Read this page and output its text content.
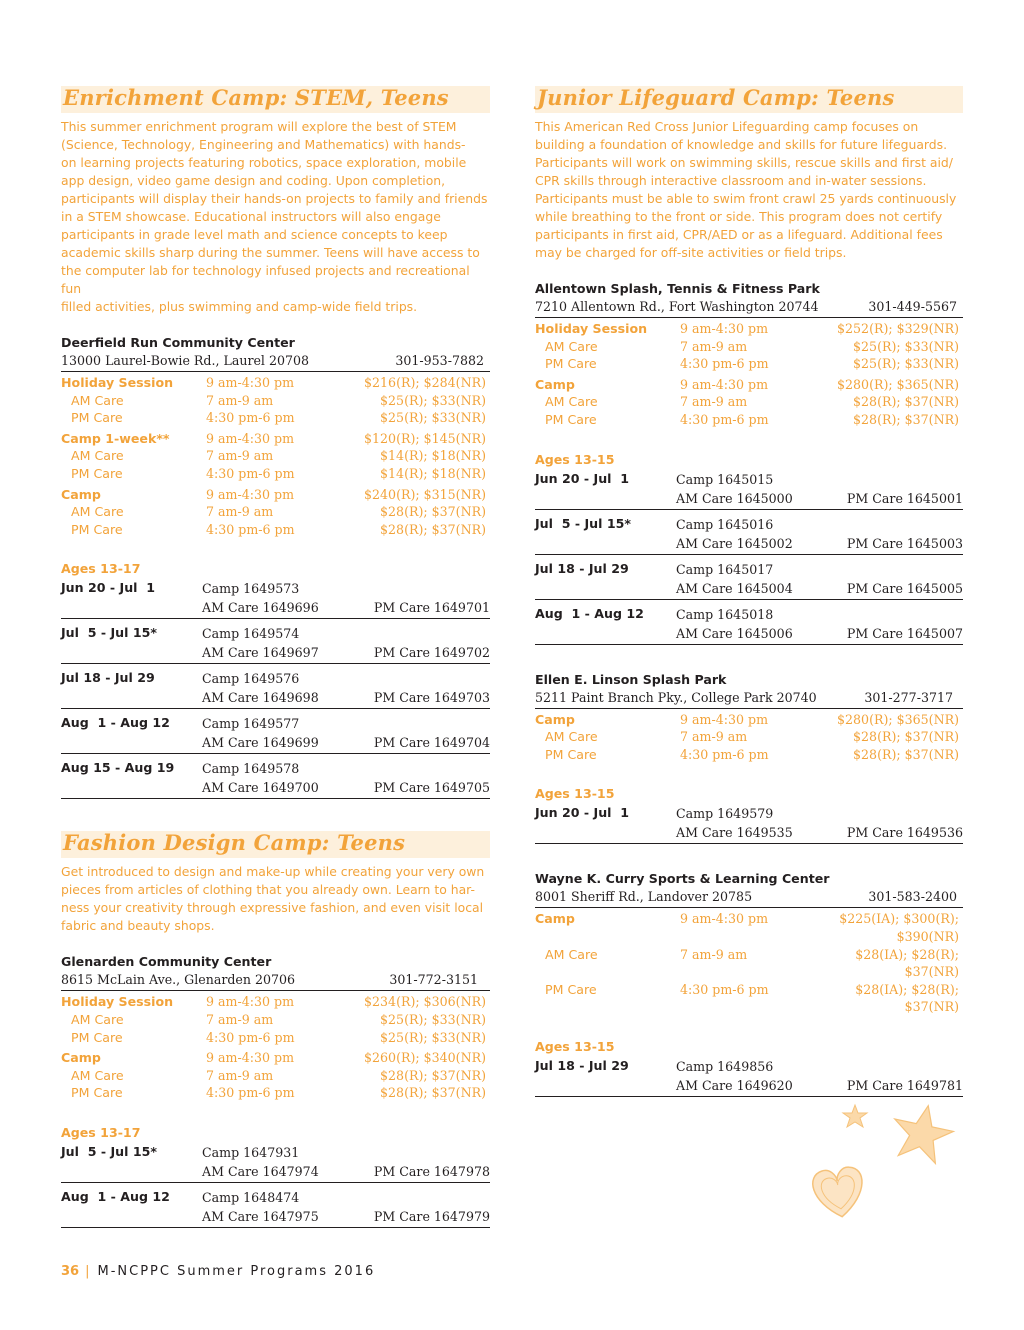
Enrichment Camp: STEM, Teens
This summer enrichment program will explore the best of STEM
(Science, Technology, Engineering and Mathematics) with hands-
on learning projects featuring robotics, space exploration, mobile
app design, video game design and coding. Upon completion,
participants will display their hands-on projects to family and friends
in a STEM showcase. Educational instructors will also engage
participants in grade level math and science concepts to keep
academic skills sharp during the summer. Teens will have access to
the computer lab for technology infused projects and recreational fun
filled activities, plus swimming and camp-wide field trips.
Deerfield Run Community Center
13000 Laurel-Bowie Rd., Laurel 20708	301-953-7882
Holiday Session	9 am-4:30 pm	$216(R); $284(NR)
AM Care	7 am-9 am	$25(R); $33(NR)
PM Care	4:30 pm-6 pm	$25(R); $33(NR)
Camp 1-week**	9 am-4:30 pm	$120(R); $145(NR)
AM Care	7 am-9 am	$14(R); $18(NR)
PM Care	4:30 pm-6 pm	$14(R); $18(NR)
Camp	9 am-4:30 pm	$240(R); $315(NR)
AM Care	7 am-9 am	$28(R); $37(NR)
PM Care	4:30 pm-6 pm	$28(R); $37(NR)
Ages 13-17
Jun 20 - Jul  1	Camp 1649573
AM Care 1649696	PM Care 1649701
Jul  5 - Jul 15*	Camp 1649574
AM Care 1649697	PM Care 1649702
Jul 18 - Jul 29	Camp 1649576
AM Care 1649698	PM Care 1649703
Aug  1 - Aug 12	Camp 1649577
AM Care 1649699	PM Care 1649704
Aug 15 - Aug 19	Camp 1649578
AM Care 1649700	PM Care 1649705
Fashion Design Camp: Teens
Get introduced to design and make-up while creating your very own
pieces from articles of clothing that you already own. Learn to har-
ness your creativity through expressive fashion, and even visit local
fabric and beauty shops.
Glenarden Community Center
8615 McLain Ave., Glenarden 20706	301-772-3151
Holiday Session	9 am-4:30 pm	$234(R); $306(NR)
AM Care	7 am-9 am	$25(R); $33(NR)
PM Care	4:30 pm-6 pm	$25(R); $33(NR)
Camp	9 am-4:30 pm	$260(R); $340(NR)
AM Care	7 am-9 am	$28(R); $37(NR)
PM Care	4:30 pm-6 pm	$28(R); $37(NR)
Ages 13-17
Jul  5 - Jul 15*	Camp 1647931
AM Care 1647974	PM Care 1647978
Aug  1 - Aug 12	Camp 1648474
AM Care 1647975	PM Care 1647979
Junior Lifeguard Camp: Teens
This American Red Cross Junior Lifeguarding camp focuses on
building a foundation of knowledge and skills for future lifeguards.
Participants will work on swimming skills, rescue skills and first aid/
CPR skills through interactive classroom and in-water sessions.
Participants must be able to swim front crawl 25 yards continuously
while breathing to the front or side. This program does not certify
participants in first aid, CPR/AED or as a lifeguard. Additional fees
may be charged for off-site activities or field trips.
Allentown Splash, Tennis & Fitness Park
7210 Allentown Rd., Fort Washington 20744	301-449-5567
Holiday Session	9 am-4:30 pm	$252(R); $329(NR)
AM Care	7 am-9 am	$25(R); $33(NR)
PM Care	4:30 pm-6 pm	$25(R); $33(NR)
Camp	9 am-4:30 pm	$280(R); $365(NR)
AM Care	7 am-9 am	$28(R); $37(NR)
PM Care	4:30 pm-6 pm	$28(R); $37(NR)
Ages 13-15
Jun 20 - Jul  1	Camp 1645015
AM Care 1645000	PM Care 1645001
Jul  5 - Jul 15*	Camp 1645016
AM Care 1645002	PM Care 1645003
Jul 18 - Jul 29	Camp 1645017
AM Care 1645004	PM Care 1645005
Aug  1 - Aug 12	Camp 1645018
AM Care 1645006	PM Care 1645007
Ellen E. Linson Splash Park
5211 Paint Branch Pky., College Park 20740	301-277-3717
Camp	9 am-4:30 pm	$280(R); $365(NR)
AM Care	7 am-9 am	$28(R); $37(NR)
PM Care	4:30 pm-6 pm	$28(R); $37(NR)
Ages 13-15
Jun 20 - Jul  1	Camp 1649579
AM Care 1649535	PM Care 1649536
Wayne K. Curry Sports & Learning Center
8001 Sheriff Rd., Landover 20785	301-583-2400
Camp	9 am-4:30 pm	$225(IA); $300(R); $390(NR)
AM Care	7 am-9 am	$28(IA); $28(R); $37(NR)
PM Care	4:30 pm-6 pm	$28(IA); $28(R); $37(NR)
Ages 13-15
Jul 18 - Jul 29	Camp 1649856
AM Care 1649620	PM Care 1649781
36 | M-NCPPC Summer Programs 2016
